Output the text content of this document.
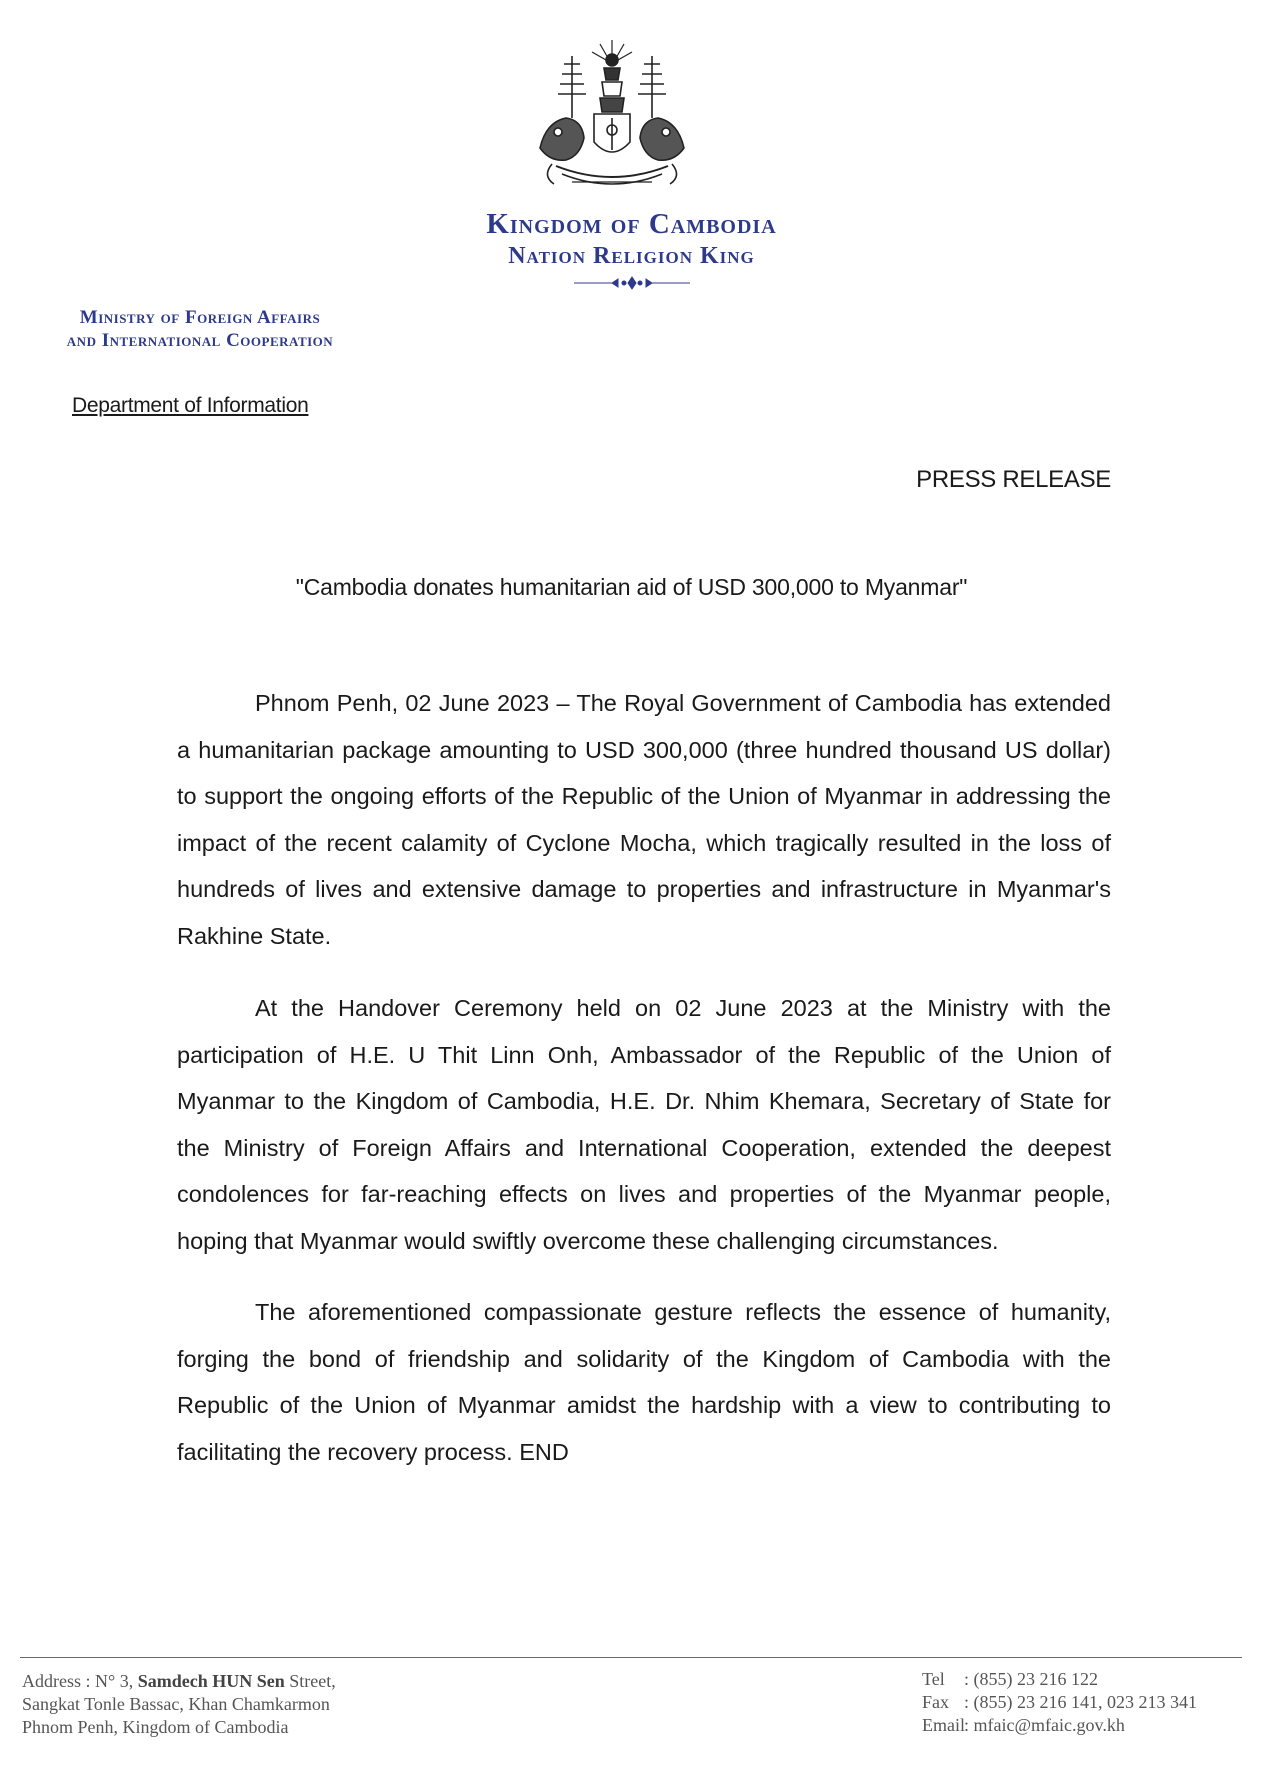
Kingdom of Cambodia
Nation Religion King
Ministry of Foreign Affairs
and International Cooperation
Department of Information
PRESS RELEASE
"Cambodia donates humanitarian aid of USD 300,000 to Myanmar"

Phnom Penh, 02 June 2023 – The Royal Government of Cambodia has extended a humanitarian package amounting to USD 300,000 (three hundred thousand US dollar) to support the ongoing efforts of the Republic of the Union of Myanmar in addressing the impact of the recent calamity of Cyclone Mocha, which tragically resulted in the loss of hundreds of lives and extensive damage to properties and infrastructure in Myanmar's Rakhine State.

At the Handover Ceremony held on 02 June 2023 at the Ministry with the participation of H.E. U Thit Linn Onh, Ambassador of the Republic of the Union of Myanmar to the Kingdom of Cambodia, H.E. Dr. Nhim Khemara, Secretary of State for the Ministry of Foreign Affairs and International Cooperation, extended the deepest condolences for far-reaching effects on lives and properties of the Myanmar people, hoping that Myanmar would swiftly overcome these challenging circumstances.

The aforementioned compassionate gesture reflects the essence of humanity, forging the bond of friendship and solidarity of the Kingdom of Cambodia with the Republic of the Union of Myanmar amidst the hardship with a view to contributing to facilitating the recovery process. END

Address : N° 3, Samdech HUN Sen Street,
Sangkat Tonle Bassac, Khan Chamkarmon
Phnom Penh, Kingdom of Cambodia
Tel	: (855) 23 216 122
Fax : (855) 23 216 141, 023 213 341
Email : mfaic@mfaic.gov.kh
